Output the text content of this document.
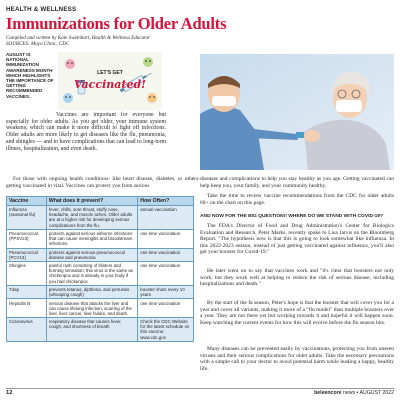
HEALTH & WELLNESS
Immunizations for Older Adults
Compiled and written by Kate Sweinhart, Health & Wellness Educator
SOURCES: Mayo Clinic, CDC
AUGUST IS NATIONAL IMMUNIZATION AWARENESS MONTH WHICH HIGHLIGHTS THE IMPORTANCE OF GETTING RECOMMENDED VACCINES.
LET'S GET
Vaccinated!
Vaccines are important for everyone but especially for older adults. As you get older, your immune system weakens, which can make it more difficult to fight off infections. Older adults are more likely to get diseases like the flu, pneumonia, and shingles — and to have complications that can lead to long-term illness, hospitalization, and even death.
For those with ongoing health conditions- like heart disease, diabetes, or others- getting vaccinated in vital. Vaccines can protect you from serious
diseases and complications to help you stay healthy as you age. Getting vaccinated can help keep you, your family, and your community healthy.
Take the time to review vaccine recommendations from the CDC for older adults 60+ on the chart on this page.
AND NOW FOR THE BIG QUESTION!! WHERE DO WE STAND WITH COVID-19?
The FDA's Director of Food and Drug Administration's Center for Biologics Evaluation and Research, Peter Marks, recently spoke to Lisa Jarvis on the Bloomberg Report. "The hypothesis now is that this is going to look somewhat like influenza. In this 2022-2023 season, instead of just getting vaccinated against influenza, you'll also get your booster for Covid-19."
He later went on to say that vaccines work and "it's clear that boosters not only work, but they work well at helping to reduce the risk of serious disease, including hospitalizations and death."
By the start of the fa season, Peter's hope is that the booster that will cover you for a year and cover all variants, making it more of a "flu model" than multiple boosters over a year. They are not there yet but working towards it and hopeful it will happen soon. Keep watching the current events for how this will evolve before the flu season hits.
Many diseases can be prevented easily by vaccinations, protecting you from unseen viruses and their serious complications for older adults. Take the necessary precautions with a simple call to your doctor to avoid potential harm while leading a happy, healthy life.
Vaccine	What does it prevent?	How Often?
Influenza (seasonal flu)	fever, chills, sore throat, stuffy nose, headache, and muscle aches. Older adults are at a higher risk for developing serious complications from the flu.	annual vaccination
Pneumococcal (PPSV23)	protects against serious airborne infections that can cause meningitis and bloodstream infections	one time vaccination
Pneumococcal (PCV13)	protects against serious pneumococcal disease and pneumonia	one time vaccination
Shingles	painful rash consisting of blisters and burning sensation; this virus is the same as chickenpox and is already in your body if you had chickenpox	one time vaccination
Tdap	prevents tetanus, diptheria, and pertussis (whooping cough)	booster shots every 10 years
Hepatitis B	serious disease that attacks the liver and can cause lifelong infection, scarring of the liver, liver cancer, liver failure, and death.	one time vaccination
Coronavirus	respiratory disease that causes fever, cough, and shortness of breath	Check the CDC Website for the latest schedule on this vaccine: www.cdc.gov
12	beleencore news • AUGUST 2022
